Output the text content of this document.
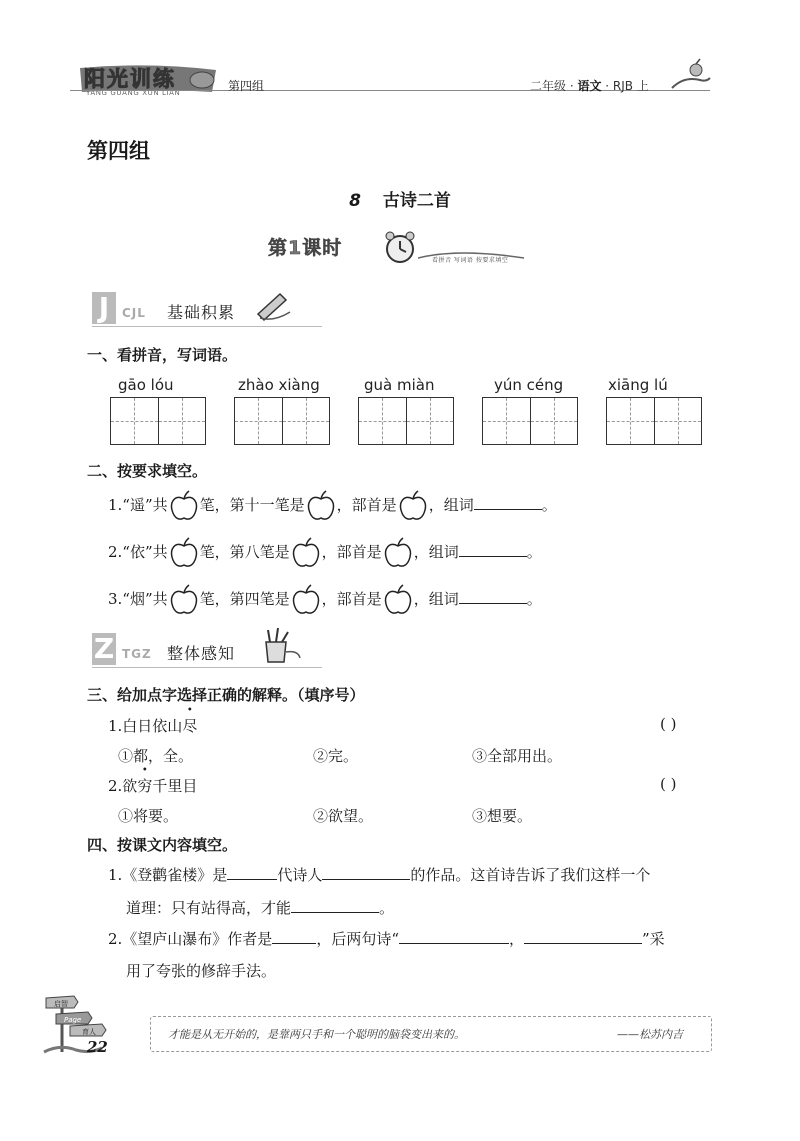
阳光训练
YANG GUANG XUN LIAN	第四组	二年级 · 语文 · RJB 上
第四组
8 古诗二首
第1课时
看拼音 写词语 按要求填空
J	CJL 基础积累
一、看拼音，写词语。
gāo lóu	zhào xiàng	guà miàn	yún céng	xiāng lú
二、按要求填空。
1.“遥”共 笔，第十一笔是 ，部首是 ，组词	。
2.“依”共 笔，第八笔是 ，部首是 ，组词	。
3.“烟”共 笔，第四笔是 ，部首是 ，组词	。
Z TGZ 整体感知
三、给加点字选择正确的解释。（填序号）
1.白日依山尽	( )
①都，全。	②完。	③全部用出。
2.欲穷千里目	( )
①将要。	②欲望。	③想要。
四、按课文内容填空。
1.《登鹳雀楼》是	代诗人	的作品。这首诗告诉了我们这样一个
道理：只有站得高，才能	。
2.《望庐山瀑布》作者是	，后两句诗“	，	”采
用了夸张的修辞手法。
启智
Page
育人
22
才能是从无开始的，是靠两只手和一个聪明的脑袋变出来的。	——松苏内吉
